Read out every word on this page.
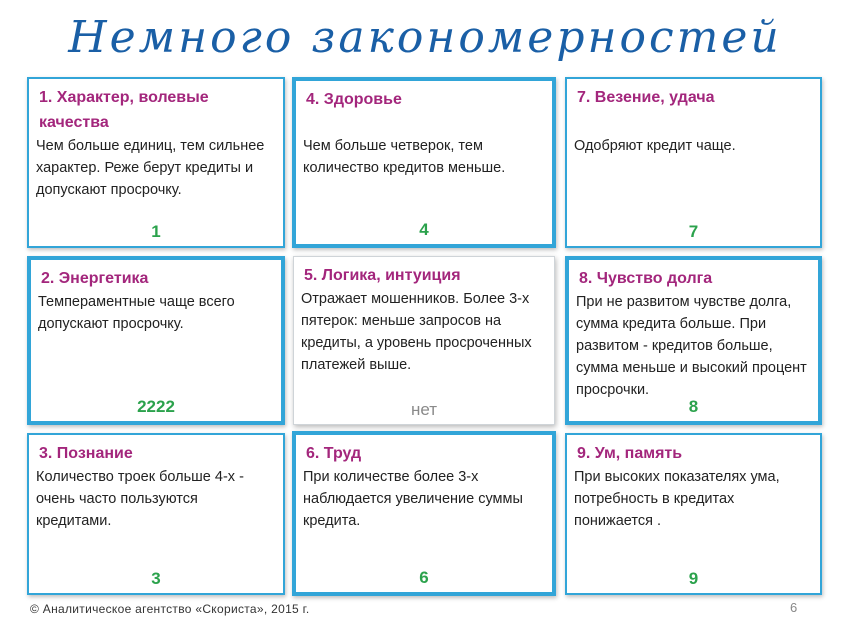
Немного закономерностей
1. Характер, волевые качества
Чем больше единиц, тем сильнее характер. Реже берут кредиты и допускают просрочку.
1
4. Здоровье
Чем больше четверок, тем количество кредитов меньше.
4
7. Везение, удача
Одобряют кредит чаще.
7
2. Энергетика
Темпераментные чаще всего допускают просрочку.
2222
5. Логика, интуиция
Отражает мошенников. Более 3-х пятерок: меньше запросов на кредиты, а уровень просроченных платежей выше.
нет
8. Чувство долга
При не развитом чувстве долга, сумма кредита больше. При развитом - кредитов больше, сумма меньше и высокий процент просрочки.
8
3. Познание
Количество троек больше 4-х - очень часто пользуются кредитами.
3
6. Труд
При количестве более 3-х наблюдается увеличение суммы кредита.
6
9. Ум, память
При высоких показателях ума, потребность в кредитах понижается .
9
© Аналитическое агентство «Скориста», 2015 г.	6
